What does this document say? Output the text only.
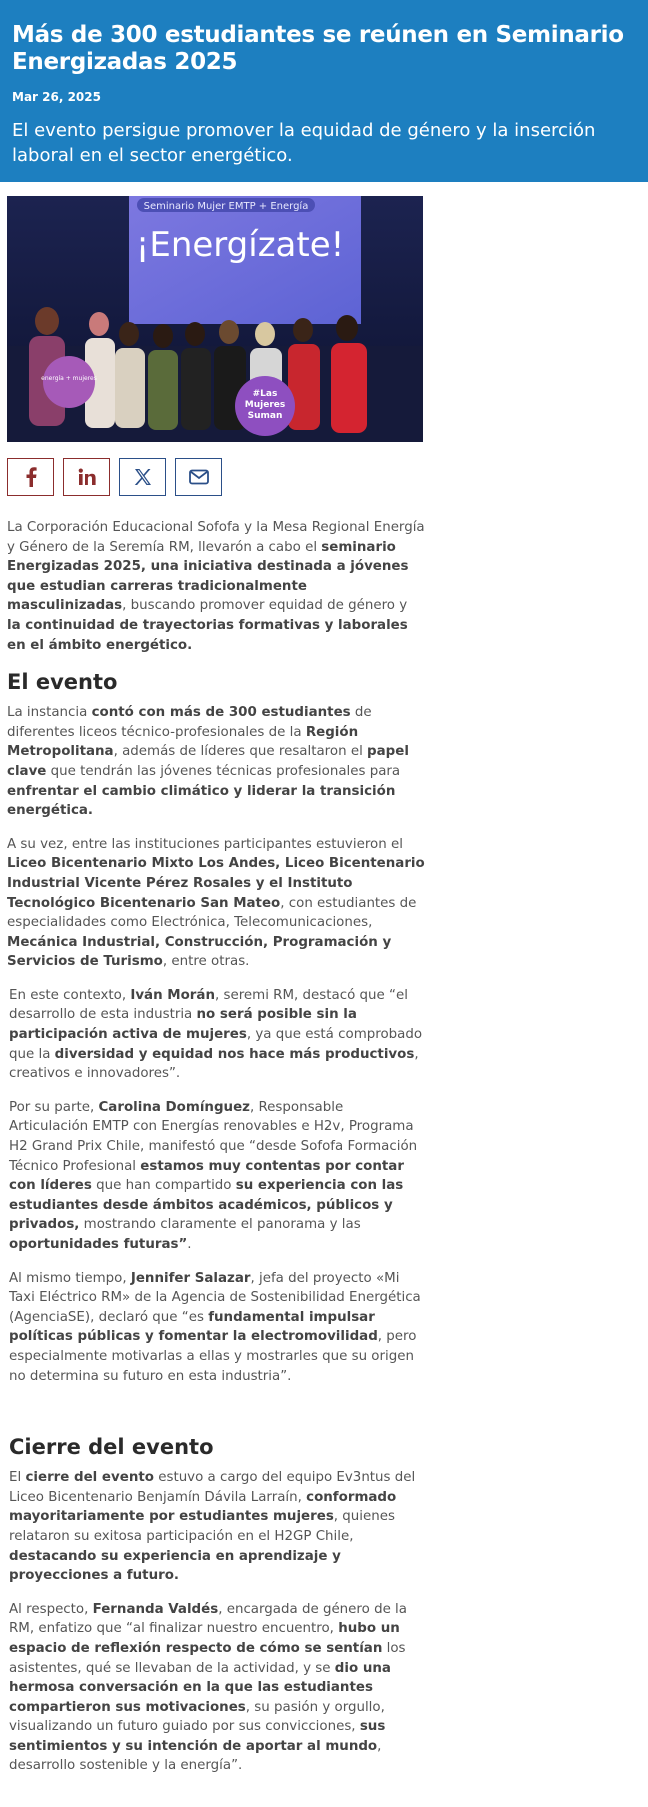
Más de 300 estudiantes se reúnen en Seminario Energizadas 2025
Mar 26, 2025
El evento persigue promover la equidad de género y la inserción laboral en el sector energético.
Seminario Mujer EMTP + Energía
¡Energízate!
energía + mujeres
#Las
Mujeres
Suman

La Corporación Educacional Sofofa y la Mesa Regional Energía y Género de la Seremía RM, llevarón a cabo el seminario Energizadas 2025, una iniciativa destinada a jóvenes que estudian carreras tradicionalmente masculinizadas, buscando promover equidad de género y la continuidad de trayectorias formativas y laborales en el ámbito energético.

El evento

La instancia contó con más de 300 estudiantes de diferentes liceos técnico-profesionales de la Región Metropolitana, además de líderes que resaltaron el papel clave que tendrán las jóvenes técnicas profesionales para enfrentar el cambio climático y liderar la transición energética.

A su vez, entre las instituciones participantes estuvieron el Liceo Bicentenario Mixto Los Andes, Liceo Bicentenario Industrial Vicente Pérez Rosales y el Instituto Tecnológico Bicentenario San Mateo, con estudiantes de especialidades como Electrónica, Telecomunicaciones, Mecánica Industrial, Construcción, Programación y Servicios de Turismo, entre otras.

En este contexto, Iván Morán, seremi RM, destacó que “el desarrollo de esta industria no será posible sin la participación activa de mujeres, ya que está comprobado que la diversidad y equidad nos hace más productivos, creativos e innovadores”.

Por su parte, Carolina Domínguez, Responsable Articulación EMTP con Energías renovables e H2v, Programa H2 Grand Prix Chile, manifestó que “desde Sofofa Formación Técnico Profesional estamos muy contentas por contar con líderes que han compartido su experiencia con las estudiantes desde ámbitos académicos, públicos y privados, mostrando claramente el panorama y las oportunidades futuras”.

Al mismo tiempo, Jennifer Salazar, jefa del proyecto «Mi Taxi Eléctrico RM» de la Agencia de Sostenibilidad Energética (AgenciaSE), declaró que “es fundamental impulsar políticas públicas y fomentar la electromovilidad, pero especialmente motivarlas a ellas y mostrarles que su origen no determina su futuro en esta industria”.

Cierre del evento

El cierre del evento estuvo a cargo del equipo Ev3ntus del Liceo Bicentenario Benjamín Dávila Larraín, conformado mayoritariamente por estudiantes mujeres, quienes relataron su exitosa participación en el H2GP Chile, destacando su experiencia en aprendizaje y proyecciones a futuro.

Al respecto, Fernanda Valdés, encargada de género de la RM, enfatizo que “al finalizar nuestro encuentro, hubo un espacio de reflexión respecto de cómo se sentían los asistentes, qué se llevaban de la actividad, y se dio una hermosa conversación en la que las estudiantes compartieron sus motivaciones, su pasión y orgullo, visualizando un futuro guiado por sus convicciones, sus sentimientos y su intención de aportar al mundo, desarrollo sostenible y la energía”.
